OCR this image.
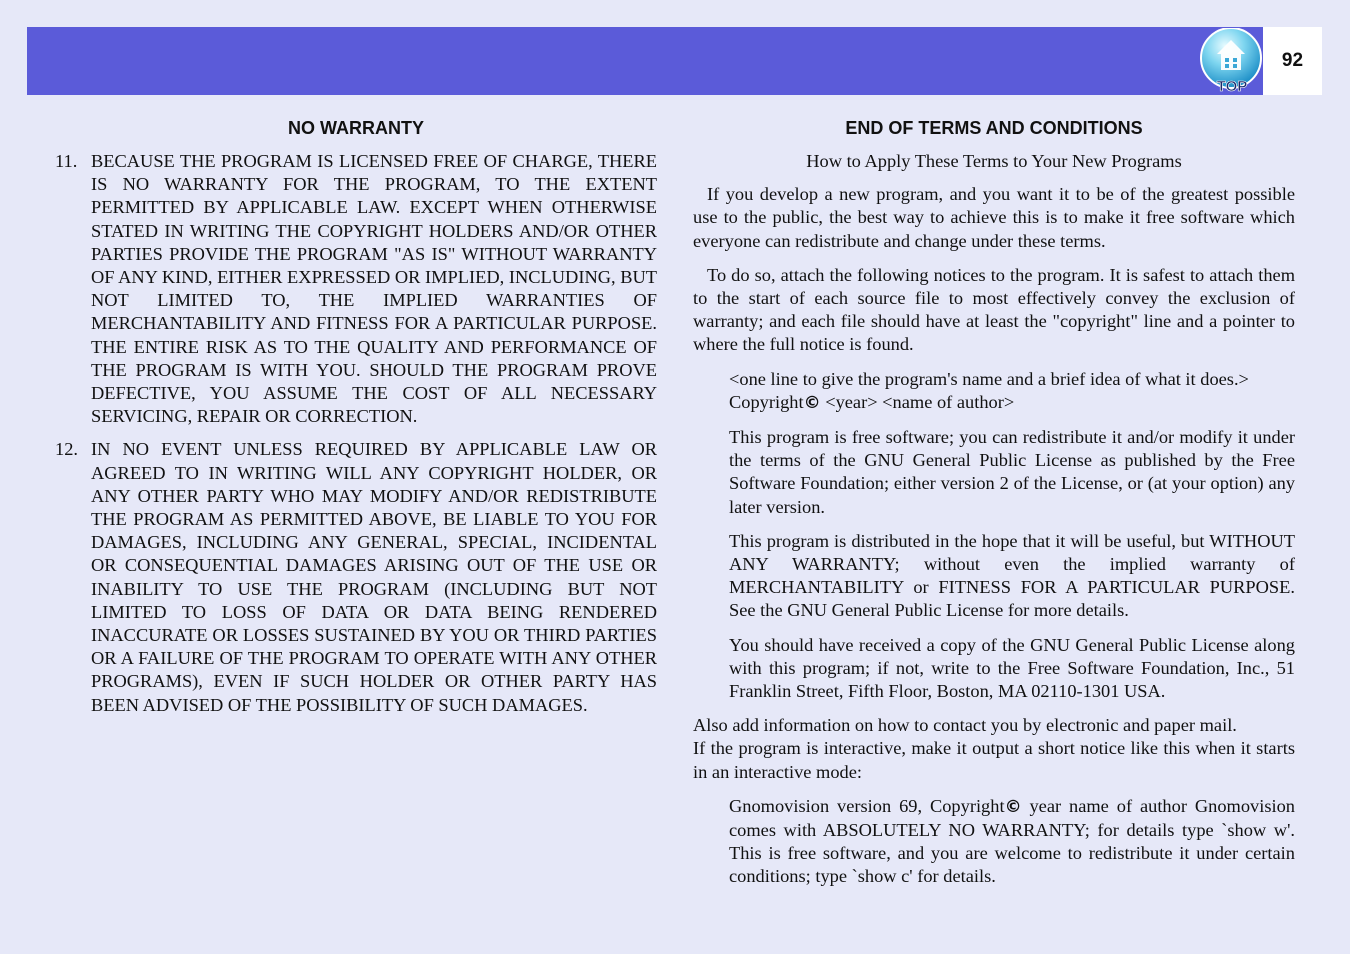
TOP
92
NO WARRANTY
11. BECAUSE THE PROGRAM IS LICENSED FREE OF CHARGE, THERE IS NO WARRANTY FOR THE PROGRAM, TO THE EXTENT PERMITTED BY APPLICABLE LAW. EXCEPT WHEN OTHERWISE STATED IN WRITING THE COPYRIGHT HOLDERS AND/OR OTHER PARTIES PROVIDE THE PROGRAM "AS IS" WITHOUT WARRANTY OF ANY KIND, EITHER EXPRESSED OR IMPLIED, INCLUDING, BUT NOT LIMITED TO, THE IMPLIED WARRANTIES OF MERCHANTABILITY AND FITNESS FOR A PARTICULAR PURPOSE. THE ENTIRE RISK AS TO THE QUALITY AND PERFORMANCE OF THE PROGRAM IS WITH YOU. SHOULD THE PROGRAM PROVE DEFECTIVE, YOU ASSUME THE COST OF ALL NECESSARY SERVICING, REPAIR OR CORRECTION.
12. IN NO EVENT UNLESS REQUIRED BY APPLICABLE LAW OR AGREED TO IN WRITING WILL ANY COPYRIGHT HOLDER, OR ANY OTHER PARTY WHO MAY MODIFY AND/OR REDISTRIBUTE THE PROGRAM AS PERMITTED ABOVE, BE LIABLE TO YOU FOR DAMAGES, INCLUDING ANY GENERAL, SPECIAL, INCIDENTAL OR CONSEQUENTIAL DAMAGES ARISING OUT OF THE USE OR INABILITY TO USE THE PROGRAM (INCLUDING BUT NOT LIMITED TO LOSS OF DATA OR DATA BEING RENDERED INACCURATE OR LOSSES SUSTAINED BY YOU OR THIRD PARTIES OR A FAILURE OF THE PROGRAM TO OPERATE WITH ANY OTHER PROGRAMS), EVEN IF SUCH HOLDER OR OTHER PARTY HAS BEEN ADVISED OF THE POSSIBILITY OF SUCH DAMAGES.
END OF TERMS AND CONDITIONS
How to Apply These Terms to Your New Programs
If you develop a new program, and you want it to be of the greatest possible use to the public, the best way to achieve this is to make it free software which everyone can redistribute and change under these terms.
To do so, attach the following notices to the program. It is safest to attach them to the start of each source file to most effectively convey the exclusion of warranty; and each file should have at least the "copyright" line and a pointer to where the full notice is found.
<one line to give the program's name and a brief idea of what it does.>
Copyright© <year> <name of author>
This program is free software; you can redistribute it and/or modify it under the terms of the GNU General Public License as published by the Free Software Foundation; either version 2 of the License, or (at your option) any later version.
This program is distributed in the hope that it will be useful, but WITHOUT ANY WARRANTY; without even the implied warranty of MERCHANTABILITY or FITNESS FOR A PARTICULAR PURPOSE. See the GNU General Public License for more details.
You should have received a copy of the GNU General Public License along with this program; if not, write to the Free Software Foundation, Inc., 51 Franklin Street, Fifth Floor, Boston, MA 02110-1301 USA.
Also add information on how to contact you by electronic and paper mail.
If the program is interactive, make it output a short notice like this when it starts in an interactive mode:
Gnomovision version 69, Copyright© year name of author Gnomovision comes with ABSOLUTELY NO WARRANTY; for details type `show w'. This is free software, and you are welcome to redistribute it under certain conditions; type `show c' for details.
